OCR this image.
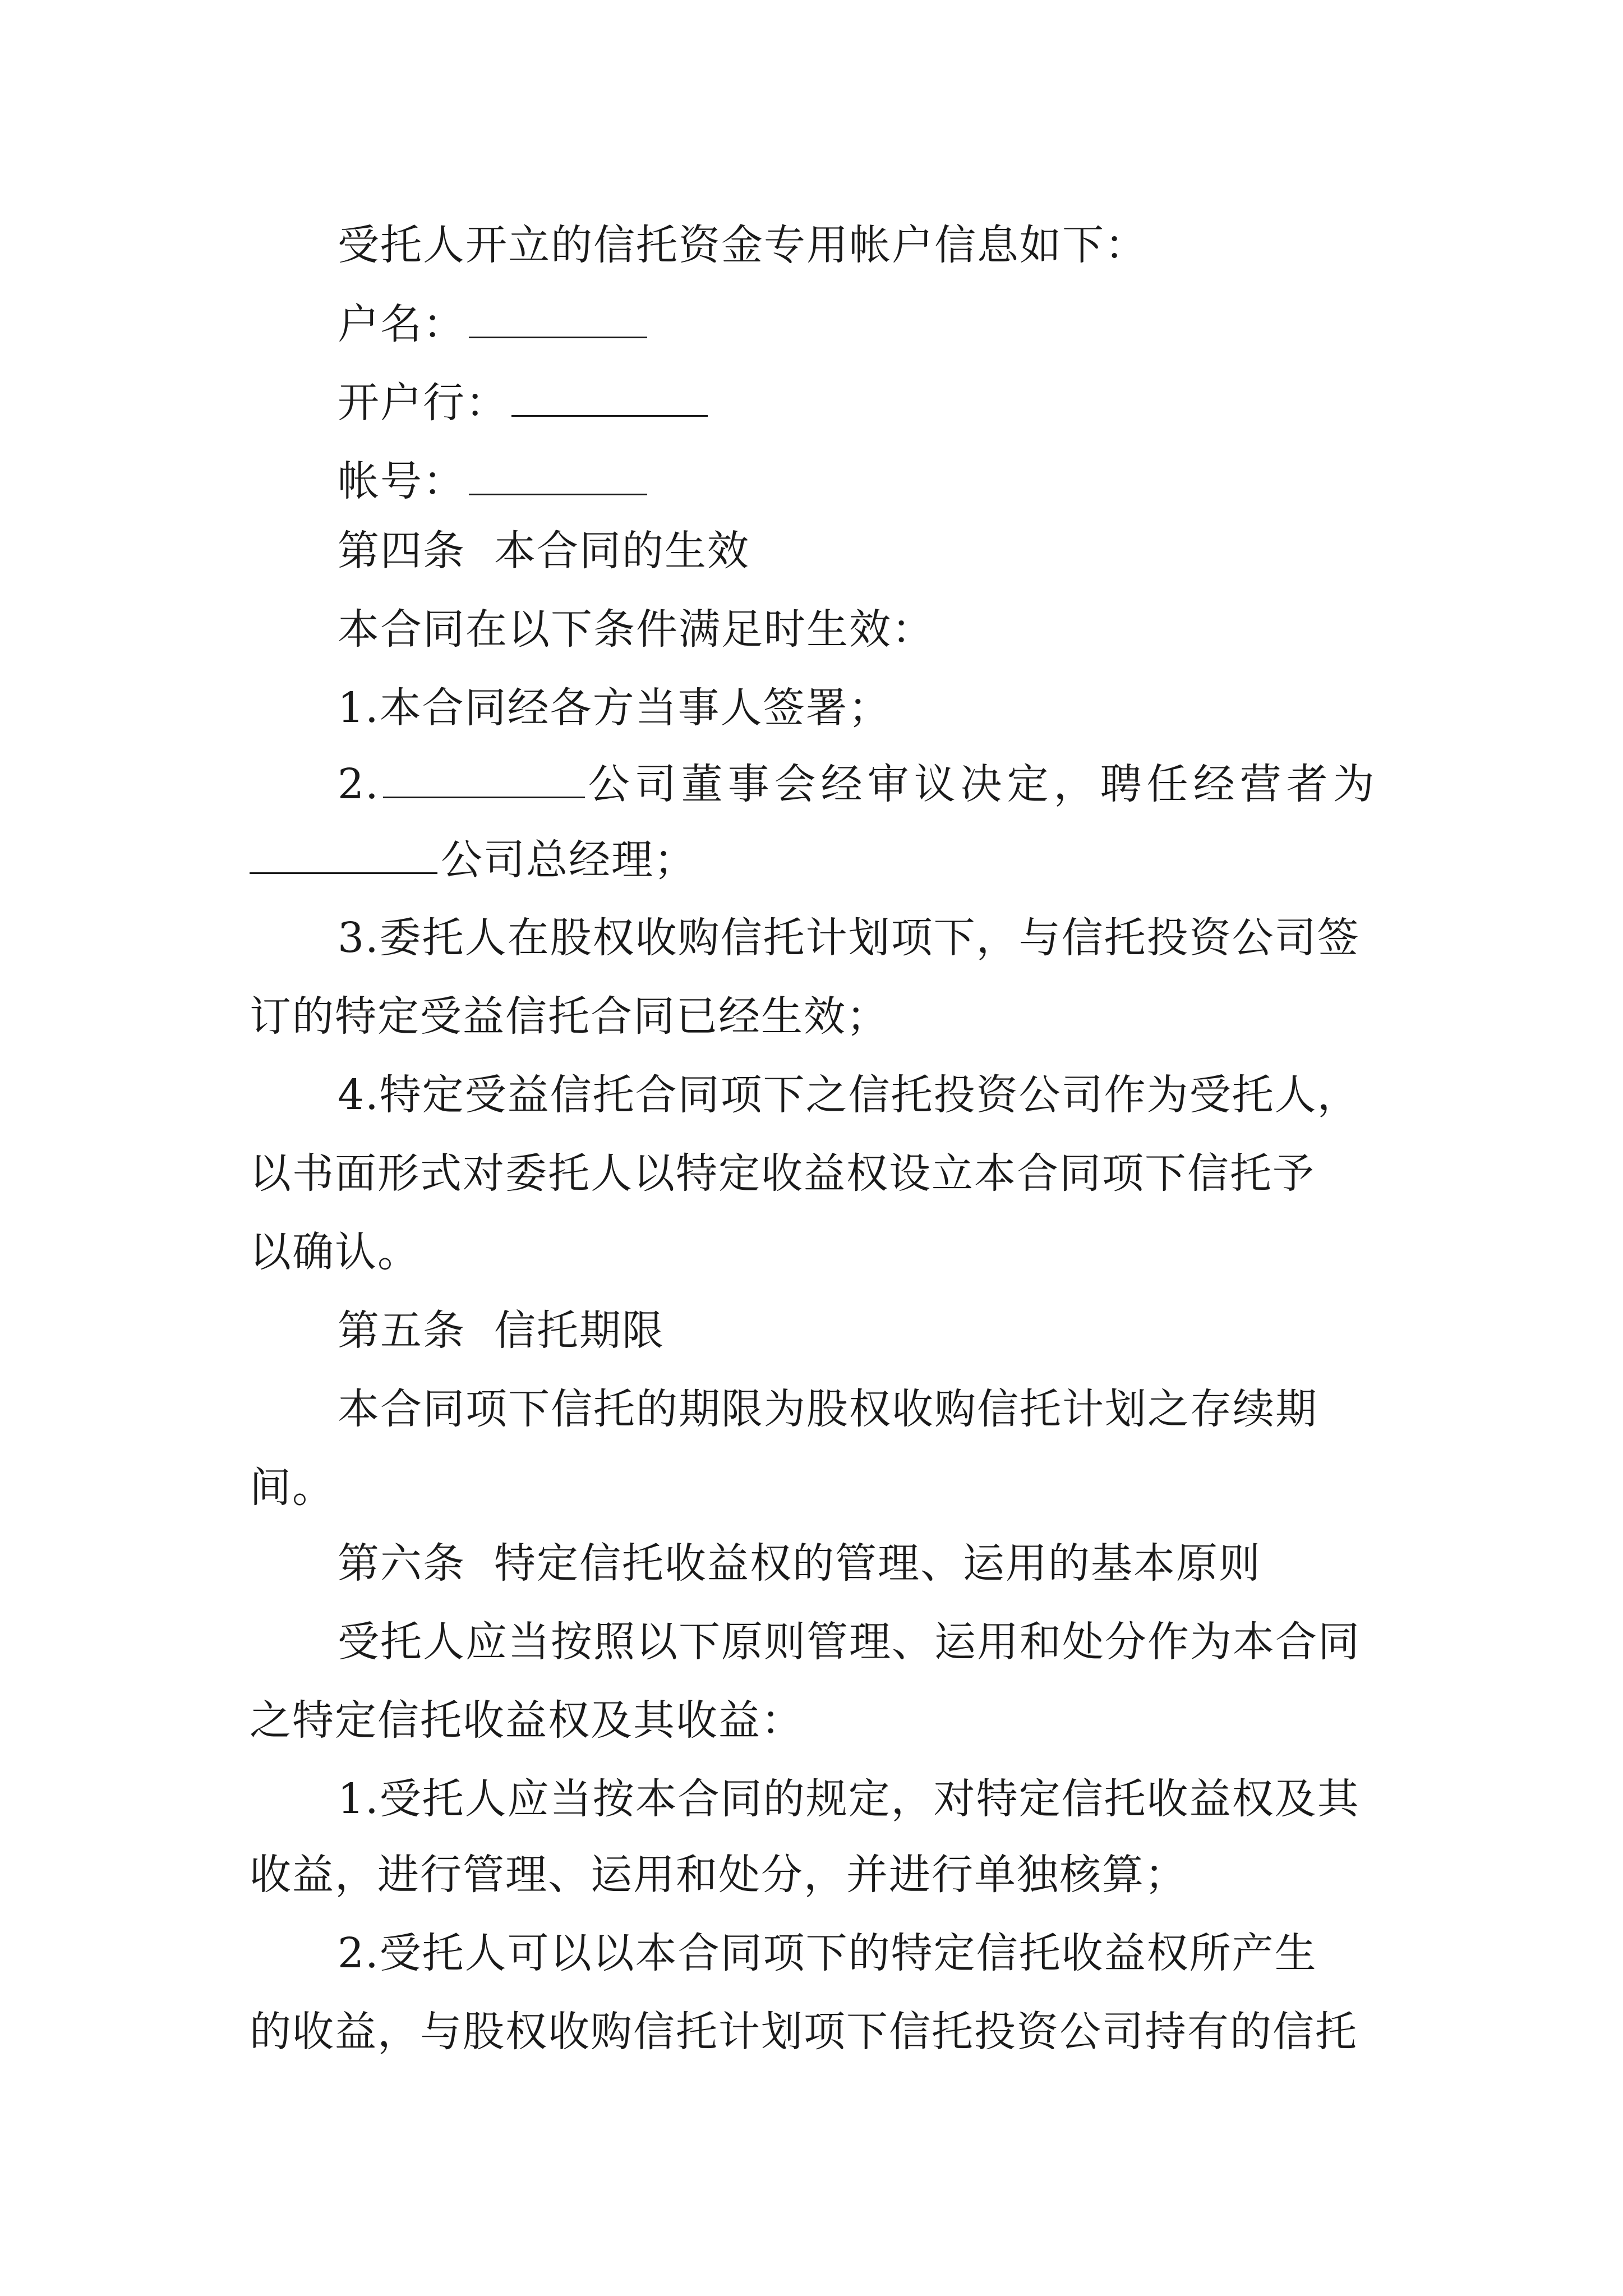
受托人开立的信托资金专用帐户信息如下：
户名：
开户行：
帐号：
第四条  本合同的生效
本合同在以下条件满足时生效：
1.本合同经各方当事人签署；
2.	公司董事会经审议决定，聘任经营者为
公司总经理；
3.委托人在股权收购信托计划项下，与信托投资公司签
订的特定受益信托合同已经生效；
4.特定受益信托合同项下之信托投资公司作为受托人，
以书面形式对委托人以特定收益权设立本合同项下信托予
以确认。
第五条  信托期限
本合同项下信托的期限为股权收购信托计划之存续期
间。
第六条  特定信托收益权的管理、运用的基本原则
受托人应当按照以下原则管理、运用和处分作为本合同
之特定信托收益权及其收益：
1.受托人应当按本合同的规定，对特定信托收益权及其
收益，进行管理、运用和处分，并进行单独核算；
2.受托人可以以本合同项下的特定信托收益权所产生
的收益，与股权收购信托计划项下信托投资公司持有的信托
